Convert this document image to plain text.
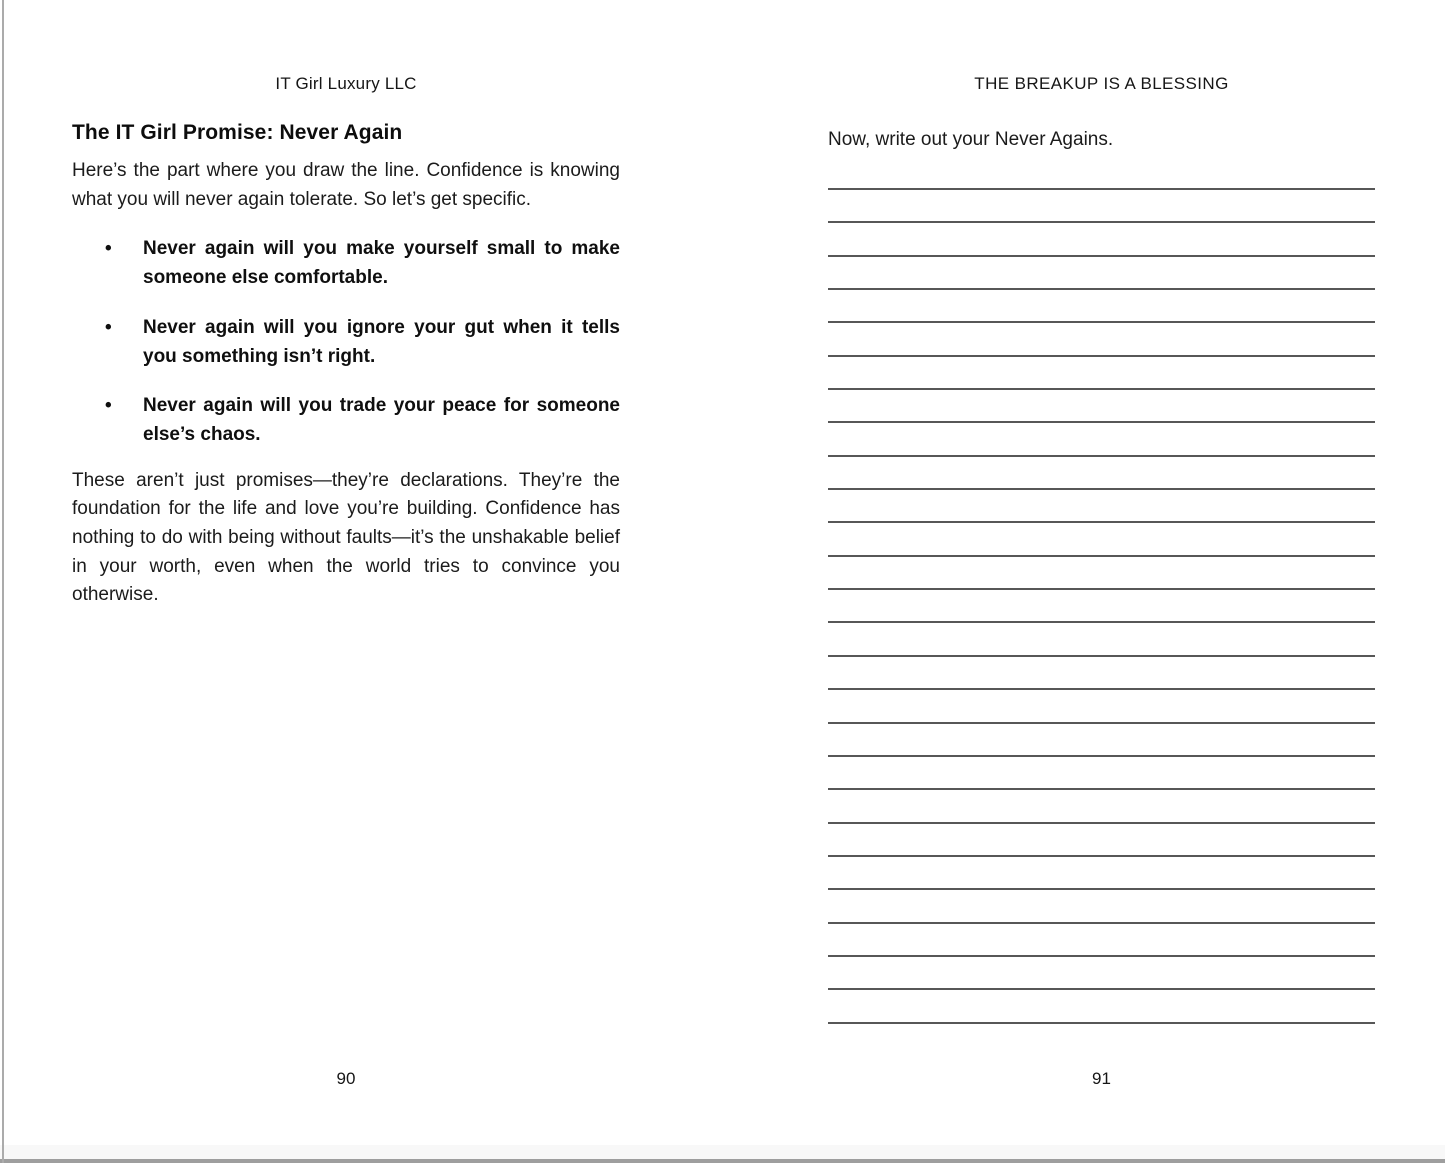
IT Girl Luxury LLC
The IT Girl Promise: Never Again

Here’s the part where you draw the line. Confidence is knowing what you will never again tolerate. So let’s get specific.

• Never again will you make yourself small to make someone else comfortable.
• Never again will you ignore your gut when it tells you something isn’t right.
• Never again will you trade your peace for someone else’s chaos.

These aren’t just promises—they’re declarations. They’re the foundation for the life and love you’re building. Confidence has nothing to do with being without faults—it’s the unshakable belief in your worth, even when the world tries to convince you otherwise.

90
THE BREAKUP IS A BLESSING
Now, write out your Never Agains.
91
